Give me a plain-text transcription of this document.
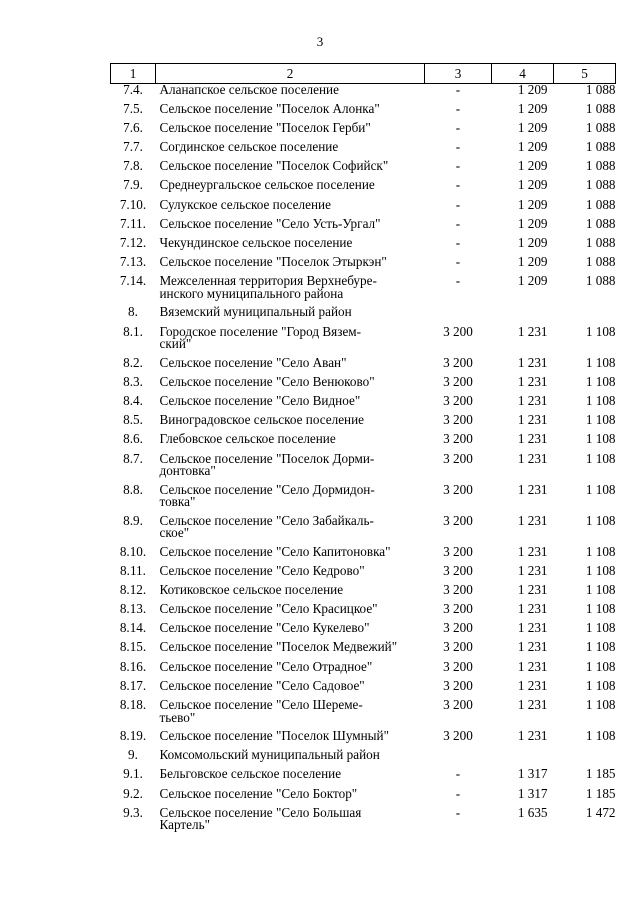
3
1	2	3	4	5
7.4.	Аланапское сельское поселение	-	1 209	1 088
7.5.	Сельское поселение "Поселок Алонка"	-	1 209	1 088
7.6.	Сельское поселение "Поселок Герби"	-	1 209	1 088
7.7.	Согдинское сельское поселение	-	1 209	1 088
7.8.	Сельское поселение "Поселок Софийск"	-	1 209	1 088
7.9.	Среднеургальское сельское поселение	-	1 209	1 088
7.10.	Сулукское сельское поселение	-	1 209	1 088
7.11.	Сельское поселение "Село Усть-Ургал"	-	1 209	1 088
7.12.	Чекундинское сельское поселение	-	1 209	1 088
7.13.	Сельское поселение "Поселок Этыркэн"	-	1 209	1 088
7.14.	Межселенная территория Верхнебуре-
инского муниципального района	-	1 209	1 088
8.	Вяземский муниципальный район			

8.1.	Городское поселение "Город Вязем-
ский"	3 200	1 231	1 108
8.2.	Сельское поселение "Село Аван"	3 200	1 231	1 108
8.3.	Сельское поселение "Село Венюково"	3 200	1 231	1 108
8.4.	Сельское поселение "Село Видное"	3 200	1 231	1 108
8.5.	Виноградовское сельское поселение	3 200	1 231	1 108
8.6.	Глебовское сельское поселение	3 200	1 231	1 108
8.7.	Сельское поселение "Поселок Дорми-
донтовка"	3 200	1 231	1 108
8.8.	Сельское поселение "Село Дормидон-
товка"	3 200	1 231	1 108
8.9.	Сельское поселение "Село Забайкаль-
ское"	3 200	1 231	1 108
8.10.	Сельское поселение "Село Капитоновка"	3 200	1 231	1 108
8.11.	Сельское поселение "Село Кедрово"	3 200	1 231	1 108
8.12.	Котиковское сельское поселение	3 200	1 231	1 108
8.13.	Сельское поселение "Село Красицкое"	3 200	1 231	1 108
8.14.	Сельское поселение "Село Кукелево"	3 200	1 231	1 108
8.15.	Сельское поселение "Поселок Медвежий"	3 200	1 231	1 108
8.16.	Сельское поселение "Село Отрадное"	3 200	1 231	1 108
8.17.	Сельское поселение "Село Садовое"	3 200	1 231	1 108
8.18.	Сельское поселение "Село Шереме-
тьево"	3 200	1 231	1 108
8.19.	Сельское поселение "Поселок Шумный"	3 200	1 231	1 108
9.	Комсомольский муниципальный район			

9.1.	Бельговское сельское поселение	-	1 317	1 185
9.2.	Сельское поселение "Село Боктор"	-	1 317	1 185
9.3.	Сельское поселение "Село Большая
Картель"	-	1 635	1 472
